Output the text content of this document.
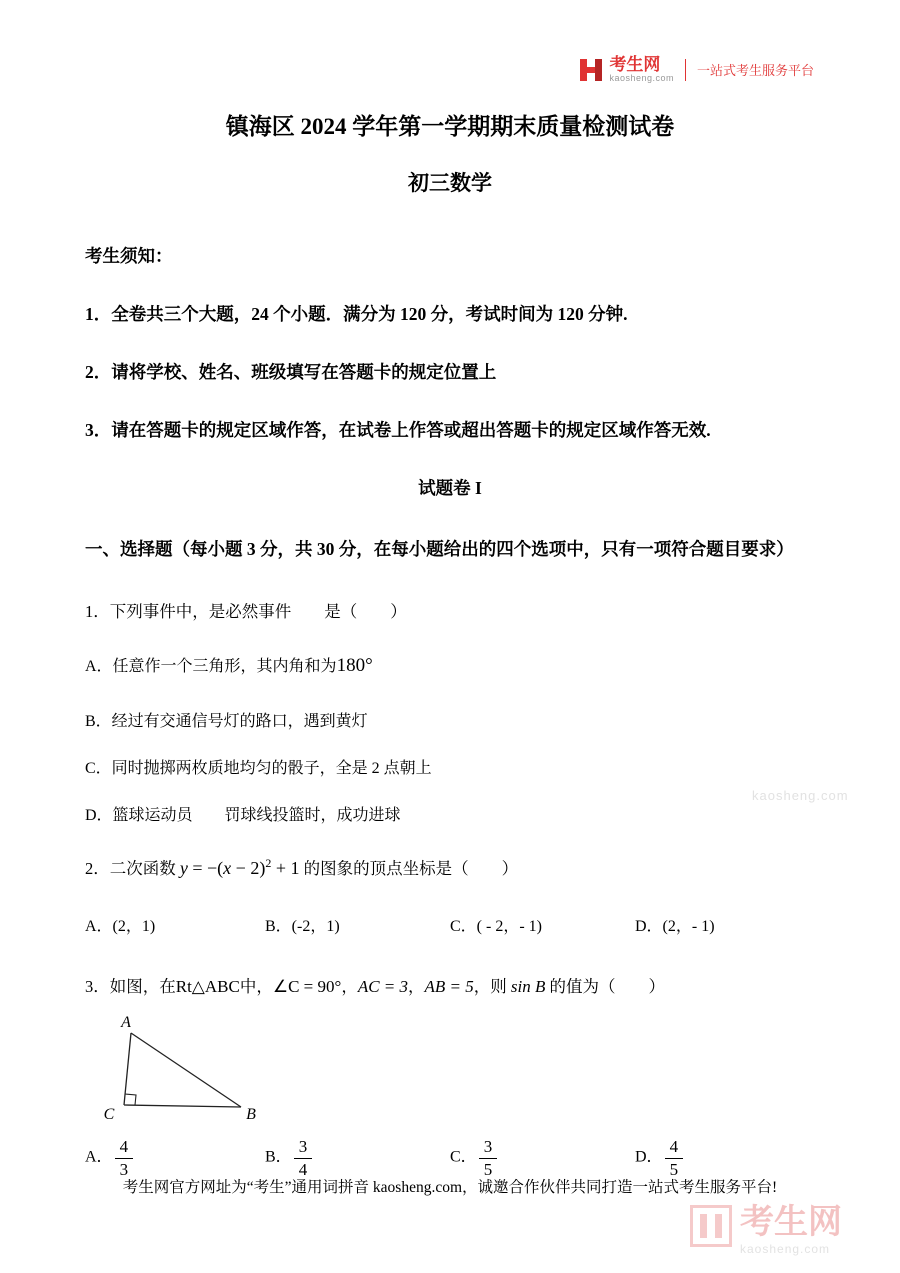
考生网
kaosheng.com 一站式考生服务平台
kaosheng.com
镇海区 2024 学年第一学期期末质量检测试卷
初三数学
考生须知：
1．全卷共三个大题，24 个小题．满分为 120 分，考试时间为 120 分钟.
2．请将学校、姓名、班级填写在答题卡的规定位置上
3．请在答题卡的规定区域作答，在试卷上作答或超出答题卡的规定区域作答无效.
试题卷 I
一、选择题（每小题 3 分，共 30 分，在每小题给出的四个选项中，只有一项符合题目要求）
1．下列事件中，是必然事件　　是（　　）
A．任意作一个三角形，其内角和为180°
B．经过有交通信号灯的路口，遇到黄灯
C．同时抛掷两枚质地均匀的骰子，全是 2 点朝上
D．篮球运动员　　罚球线投篮时，成功进球
2．二次函数 $y = -(x - 2)^2 + 1$ 的图象的顶点坐标是（　　）
A．(2，1)	B．(-2，1)	C．( - 2，- 1)	D．(2，- 1)
3．如图，在Rt△ABC中，∠C = 90°，AC = 3，AB = 5，则 sin B 的值为（　　）
A
C	B
A． $\frac{4}{3}$	B． $\frac{3}{4}$	C． $\frac{3}{5}$	D． $\frac{4}{5}$
考生网官方网址为“考生”通用词拼音 kaosheng.com，诚邀合作伙伴共同打造一站式考生服务平台!
考生网
kaosheng.com
